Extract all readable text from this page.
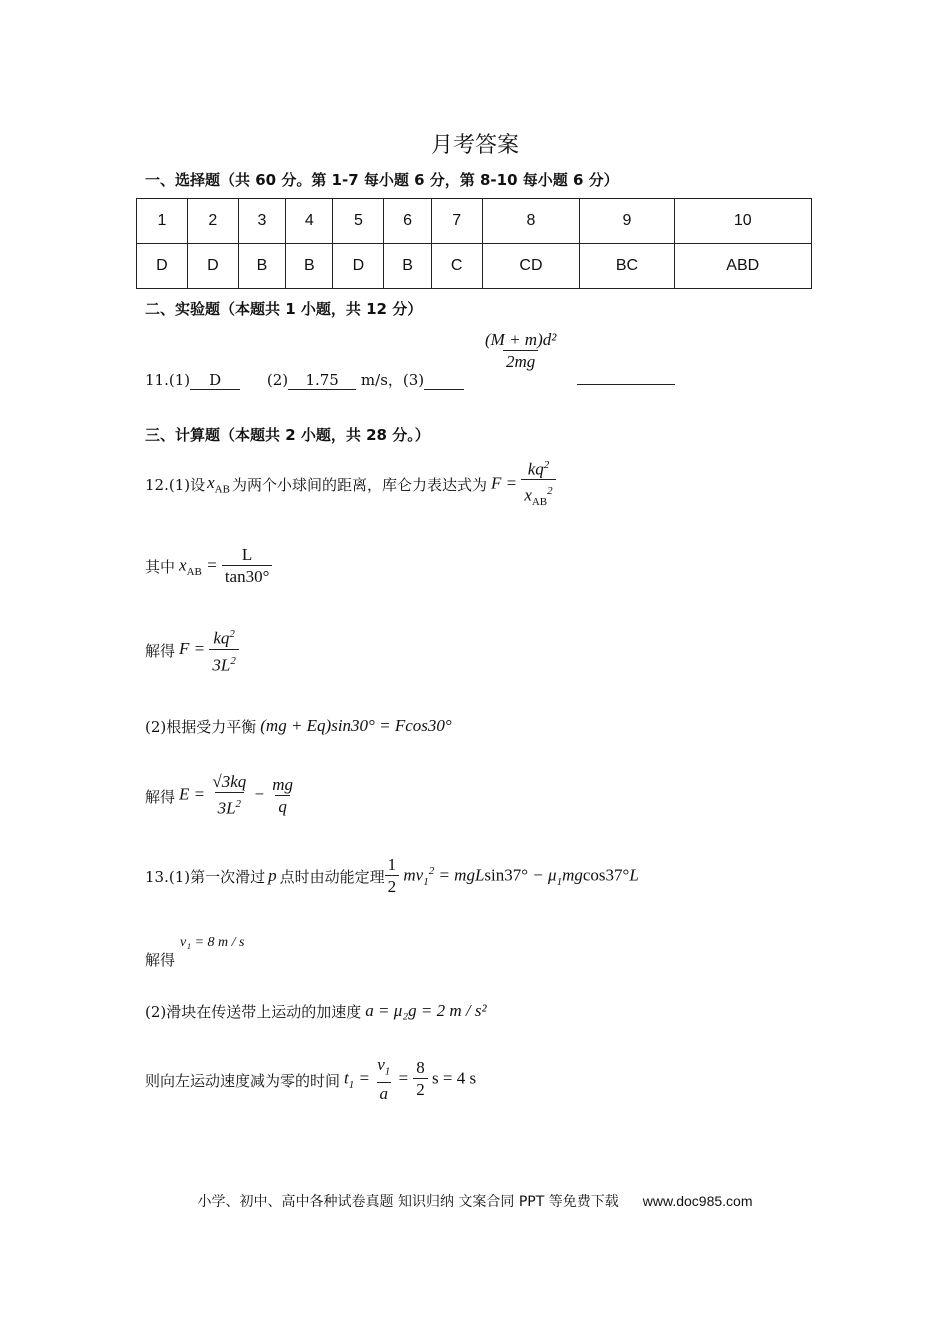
月考答案
一、选择题（共 60 分。第 1-7 每小题 6 分，第 8-10 每小题 6 分）
1	2	3	4	5	6	7	8	9	10
D	D	B	B	D	B	C	CD	BC	ABD
二、实验题（本题共 1 小题，共 12 分）
$\frac{\text{(M + m)d²}}{2mg}$
11.(1) D	(2) 1.75 m/s，(3)
三、计算题（本题共 2 小题，共 28 分。）
12.(1)设 $x_{AB}$ 为两个小球间的距离，库仑力表达式为 $F = \frac{kq^2}{x_{AB}^2}$
其中 $x_{AB} = \frac{L}{\tan 30^\circ}$
解得 $F = \frac{kq^2}{3L^2}$
(2)根据受力平衡 (mg + Eq)sin30° = Fcos30°
解得 $E = \frac{√3kq}{3L^2} - \frac{mg}{q}$
13.(1)第一次滑过 p 点时由动能定理 $\frac{1}{2} mv_1^2 = mgLsin37^\circ - \mu_1mgcos37^\circ L$
v₁ = 8 m / s
解得
(2)滑块在传送带上运动的加速度 a = μ₂g = 2 m / s²
则向左运动速度减为零的时间 $t_1 = \frac{v_1}{a} = \frac{8}{2}$ s = 4 s
小学、初中、高中各种试卷真题 知识归纳 文案合同 PPT 等免费下载 www.doc985.com
